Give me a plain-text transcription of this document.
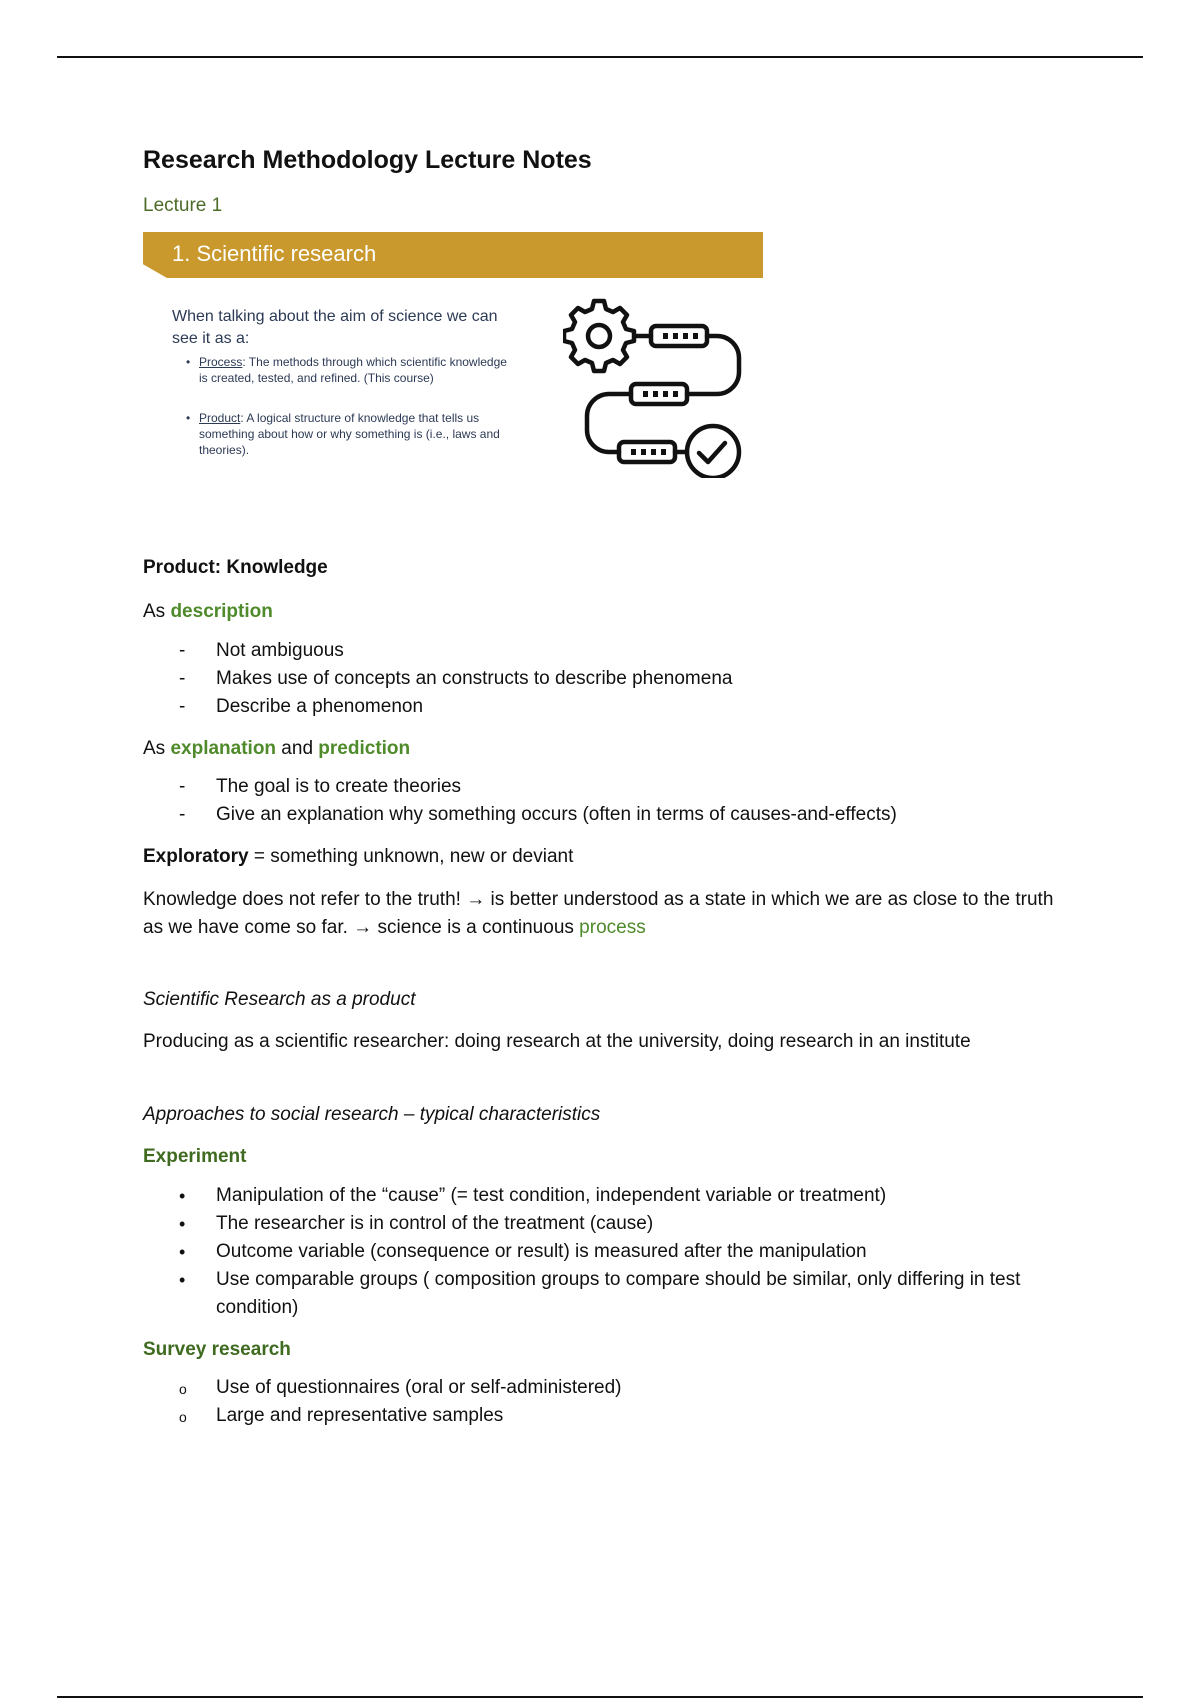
Research Methodology Lecture Notes
Lecture 1
1. Scientific research
When talking about the aim of science we can see it as a:
• Process: The methods through which scientific knowledge is created, tested, and refined. (This course)
• Product: A logical structure of knowledge that tells us something about how or why something is (i.e., laws and theories).
Product: Knowledge
As description
- Not ambiguous
- Makes use of concepts an constructs to describe phenomena
- Describe a phenomenon
As explanation and prediction
- The goal is to create theories
- Give an explanation why something occurs (often in terms of causes-and-effects)
Exploratory = something unknown, new or deviant
Knowledge does not refer to the truth! → is better understood as a state in which we are as close to the truth as we have come so far. → science is a continuous process
Scientific Research as a product
Producing as a scientific researcher: doing research at the university, doing research in an institute
Approaches to social research – typical characteristics
Experiment
• Manipulation of the “cause” (= test condition, independent variable or treatment)
• The researcher is in control of the treatment (cause)
• Outcome variable (consequence or result) is measured after the manipulation
• Use comparable groups ( composition groups to compare should be similar, only differing in test condition)
Survey research
o Use of questionnaires (oral or self-administered)
o Large and representative samples
